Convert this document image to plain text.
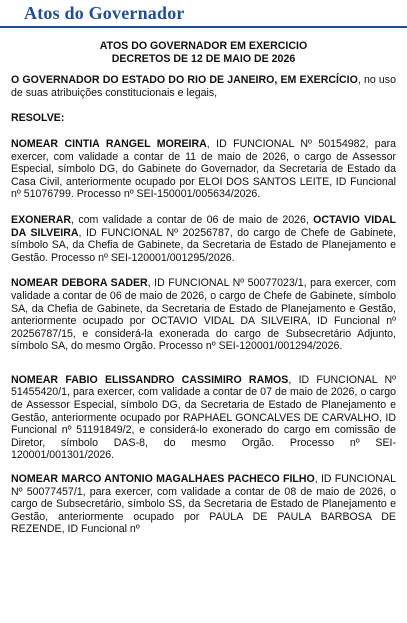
Atos do Governador
ATOS DO GOVERNADOR EM EXERCICIO
DECRETOS DE 12 DE MAIO DE 2026

O GOVERNADOR DO ESTADO DO RIO DE JANEIRO, EM EXERCÍCIO, no uso de suas atribuições constitucionais e legais,

RESOLVE:

NOMEAR CINTIA RANGEL MOREIRA, ID FUNCIONAL Nº 50154982, para exercer, com validade a contar de 11 de maio de 2026, o cargo de Assessor Especial, símbolo DG, do Gabinete do Governador, da Secretaria de Estado da Casa Civil, anteriormente ocupado por ELOI DOS SANTOS LEITE, ID Funcional nº 51076799. Processo nº SEI-150001/005634/2026.

EXONERAR, com validade a contar de 06 de maio de 2026, OCTAVIO VIDAL DA SILVEIRA, ID FUNCIONAL Nº 20256787, do cargo de Chefe de Gabinete, símbolo SA, da Chefia de Gabinete, da Secretaria de Estado de Planejamento e Gestão. Processo nº SEI-120001/001295/2026.

NOMEAR DEBORA SADER, ID FUNCIONAL Nº 50077023/1, para exercer, com validade a contar de 06 de maio de 2026, o cargo de Chefe de Gabinete, símbolo SA, da Chefia de Gabinete, da Secretaria de Estado de Planejamento e Gestão, anteriormente ocupado por OCTAVIO VIDAL DA SILVEIRA, ID Funcional nº 20256787/15, e considerá-la exonerada do cargo de Subsecretário Adjunto, símbolo SA, do mesmo Orgão. Processo nº SEI-120001/001294/2026.

NOMEAR FABIO ELISSANDRO CASSIMIRO RAMOS, ID FUNCIONAL Nº 51455420/1, para exercer, com validade a contar de 07 de maio de 2026, o cargo de Assessor Especial, símbolo DG, da Secretaria de Estado de Planejamento e Gestão, anteriormente ocupado por RAPHAEL GONCALVES DE CARVALHO, ID Funcional nº 51191849/2, e considerá-lo exonerado do cargo em comissão de Diretor, símbolo DAS-8, do mesmo Orgão. Processo nº SEI-120001/001301/2026.

NOMEAR MARCO ANTONIO MAGALHAES PACHECO FILHO, ID FUNCIONAL Nº 50077457/1, para exercer, com validade a contar de 08 de maio de 2026, o cargo de Subsecretário, símbolo SS, da Secretaria de Estado de Planejamento e Gestão, anteriormente ocupado por PAULA DE PAULA BARBOSA DE REZENDE, ID Funcional nº
